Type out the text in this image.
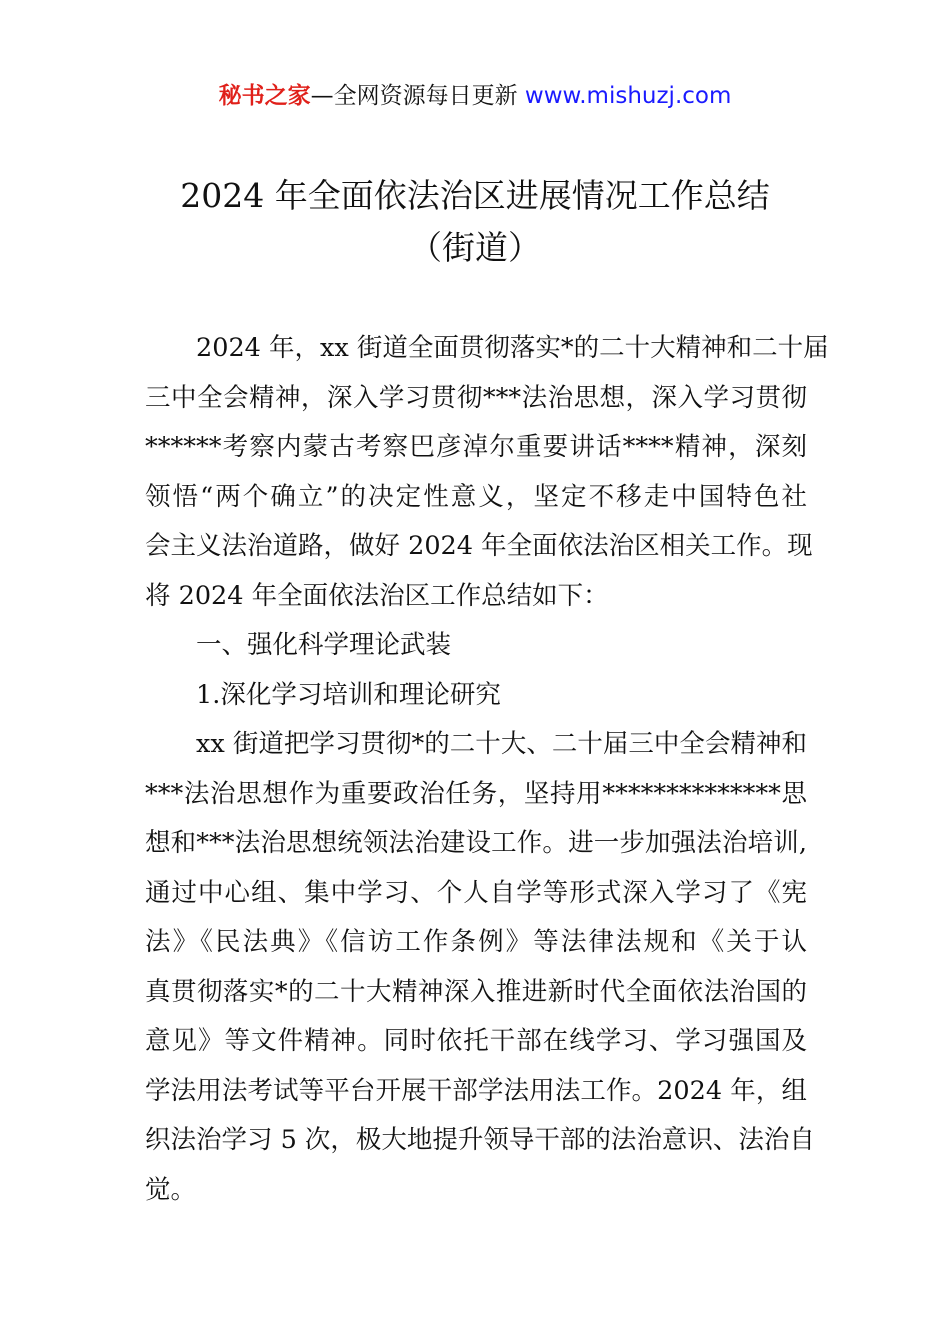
秘书之家—全网资源每日更新 www.mishuzj.com
2024 年全面依法治区进展情况工作总结
（街道）
2024 年，xx 街道全面贯彻落实*的二十大精神和二十届
三中全会精神，深入学习贯彻***法治思想，深入学习贯彻
******考察内蒙古考察巴彦淖尔重要讲话****精神，深刻
领悟“两个确立”的决定性意义，坚定不移走中国特色社
会主义法治道路，做好 2024 年全面依法治区相关工作。现
将 2024 年全面依法治区工作总结如下：
一、强化科学理论武装
1.深化学习培训和理论研究
xx 街道把学习贯彻*的二十大、二十届三中全会精神和
***法治思想作为重要政治任务，坚持用**************思
想和***法治思想统领法治建设工作。进一步加强法治培训,
通过中心组、集中学习、个人自学等形式深入学习了《宪
法》《民法典》《信访工作条例》等法律法规和《关于认
真贯彻落实*的二十大精神深入推进新时代全面依法治国的
意见》等文件精神。同时依托干部在线学习、学习强国及
学法用法考试等平台开展干部学法用法工作。2024 年，组
织法治学习 5 次，极大地提升领导干部的法治意识、法治自
觉。
